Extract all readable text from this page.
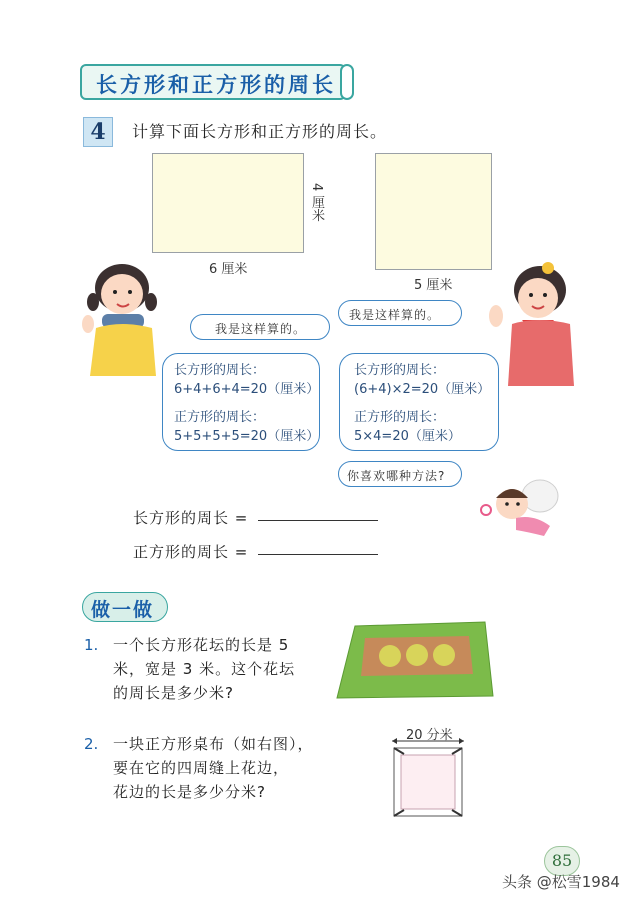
长方形和正方形的周长
4	计算下面长方形和正方形的周长。
4 厘米
6 厘米
5 厘米
我是这样算的。
我是这样算的。
长方形的周长：
6+4+6+4=20（厘米）
正方形的周长：
5+5+5+5=20（厘米）
长方形的周长：
(6+4)×2=20（厘米）
正方形的周长：
5×4=20（厘米）
你喜欢哪种方法?
长方形的周长 =
正方形的周长 =
做一做
1. 一个长方形花坛的长是 5
米，宽是 3 米。这个花坛
的周长是多少米?
2. 一块正方形桌布（如右图），
要在它的四周缝上花边，
花边的长是多少分米?
20 分米
85
头条 @松雪1984
